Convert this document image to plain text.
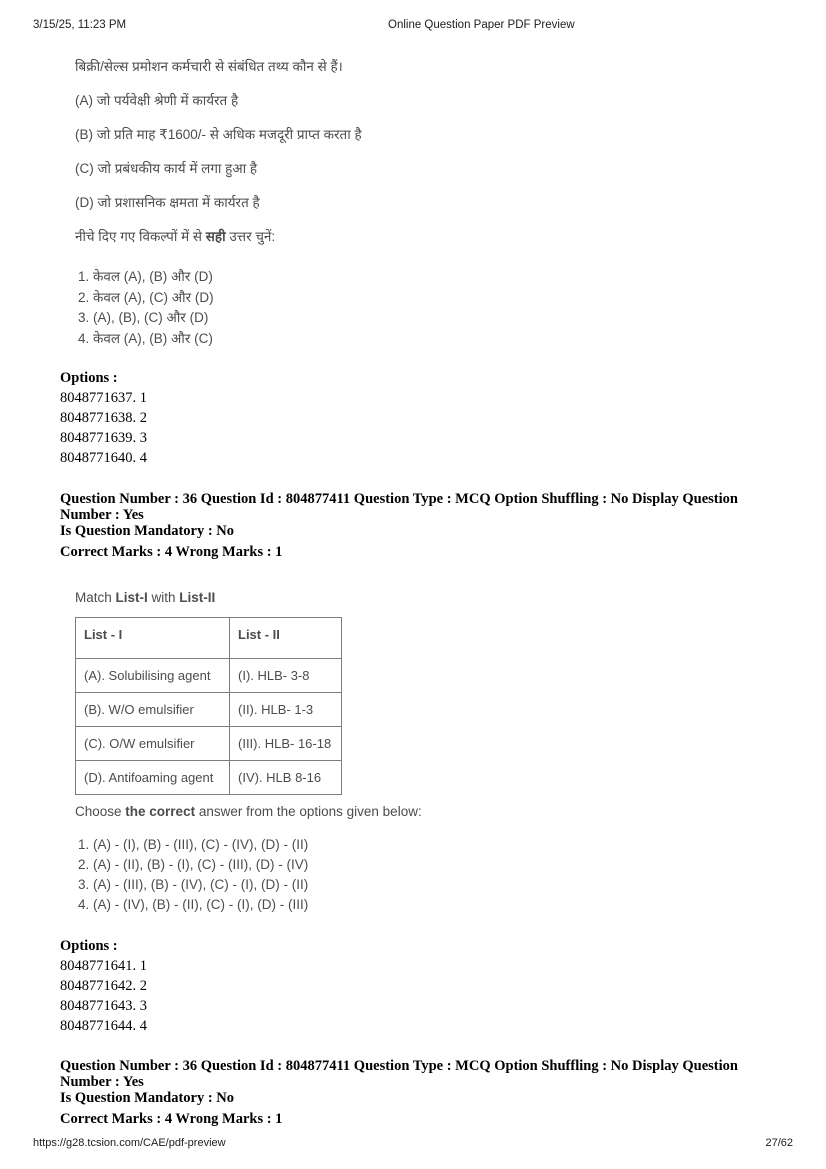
3/15/25, 11:23 PM	Online Question Paper PDF Preview
बिक्री/सेल्स प्रमोशन कर्मचारी से संबंधित तथ्य कौन से हैं।
(A) जो पर्यवेक्षी श्रेणी में कार्यरत है
(B) जो प्रति माह ₹1600/- से अधिक मजदूरी प्राप्त करता है
(C) जो प्रबंधकीय कार्य में लगा हुआ है
(D) जो प्रशासनिक क्षमता में कार्यरत है
नीचे दिए गए विकल्पों में से सही उत्तर चुनें:
1. केवल (A), (B) और (D)
2. केवल (A), (C) और (D)
3. (A), (B), (C) और (D)
4. केवल (A), (B) और (C)
Options :
8048771637. 1
8048771638. 2
8048771639. 3
8048771640. 4

Question Number : 36 Question Id : 804877411 Question Type : MCQ Option Shuffling : No Display Question Number : Yes

Is Question Mandatory : No

Correct Marks : 4 Wrong Marks : 1

Match List-I with List-II
List - I	List - II
(A). Solubilising agent	(I). HLB- 3-8
(B). W/O emulsifier	(II). HLB- 1-3
(C). O/W emulsifier	(III). HLB- 16-18
(D). Antifoaming agent	(IV). HLB 8-16
Choose the correct answer from the options given below:
1. (A) - (I), (B) - (III), (C) - (IV), (D) - (II)
2. (A) - (II), (B) - (I), (C) - (III), (D) - (IV)
3. (A) - (III), (B) - (IV), (C) - (I), (D) - (II)
4. (A) - (IV), (B) - (II), (C) - (I), (D) - (III)
Options :
8048771641. 1
8048771642. 2
8048771643. 3
8048771644. 4

Question Number : 36 Question Id : 804877411 Question Type : MCQ Option Shuffling : No Display Question Number : Yes

Is Question Mandatory : No

Correct Marks : 4 Wrong Marks : 1

https://g28.tcsion.com/CAE/pdf-preview	27/62
